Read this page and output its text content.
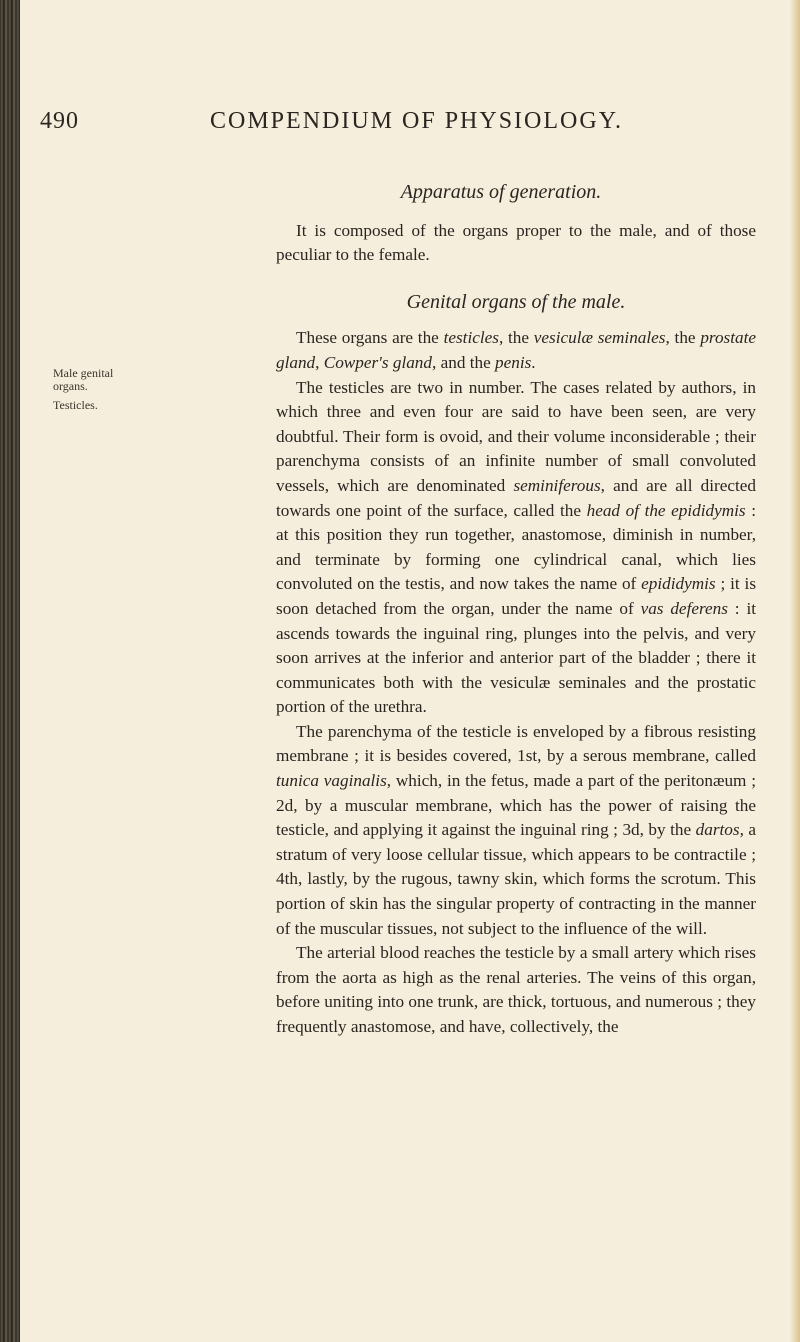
490	COMPENDIUM OF PHYSIOLOGY.
Male genital organs.
Testicles.
Apparatus of generation.

It is composed of the organs proper to the male, and of those peculiar to the female.

Genital organs of the male.

These organs are the testicles, the vesiculæ seminales, the prostate gland, Cowper's gland, and the penis.

The testicles are two in number. The cases related by authors, in which three and even four are said to have been seen, are very doubtful. Their form is ovoid, and their volume inconsiderable ; their parenchyma consists of an infinite number of small convoluted vessels, which are denominated seminiferous, and are all directed towards one point of the surface, called the head of the epididymis : at this position they run together, anastomose, diminish in number, and terminate by forming one cylindrical canal, which lies convoluted on the testis, and now takes the name of epididymis ; it is soon detached from the organ, under the name of vas deferens : it ascends towards the inguinal ring, plunges into the pelvis, and very soon arrives at the inferior and anterior part of the bladder ; there it communicates both with the vesiculæ seminales and the prostatic portion of the urethra.

The parenchyma of the testicle is enveloped by a fibrous resisting membrane ; it is besides covered, 1st, by a serous membrane, called tunica vaginalis, which, in the fetus, made a part of the peritonæum ; 2d, by a muscular membrane, which has the power of raising the testicle, and applying it against the inguinal ring ; 3d, by the dartos, a stratum of very loose cellular tissue, which appears to be contractile ; 4th, lastly, by the rugous, tawny skin, which forms the scrotum. This portion of skin has the singular property of contracting in the manner of the muscular tissues, not subject to the influence of the will.

The arterial blood reaches the testicle by a small artery which rises from the aorta as high as the renal arteries. The veins of this organ, before uniting into one trunk, are thick, tortuous, and numerous ; they frequently anastomose, and have, collectively, the
